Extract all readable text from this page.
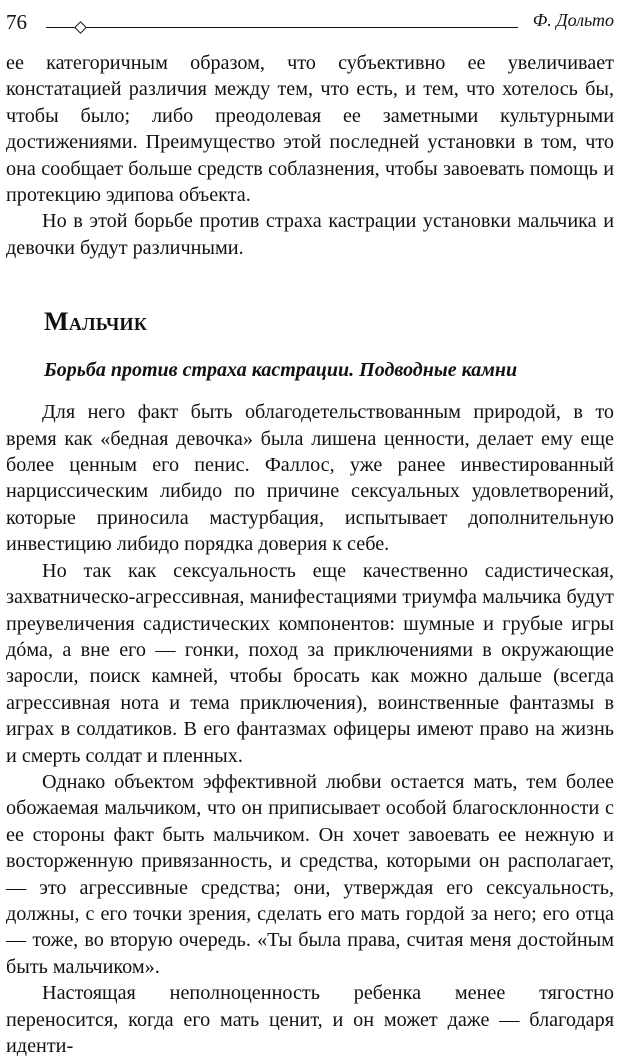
76	Ф. Дольто

ее категоричным образом, что субъективно ее увеличивает констатацией различия между тем, что есть, и тем, что хотелось бы, чтобы было; либо преодолевая ее заметными культурными достижениями. Преимущество этой последней установки в том, что она сообщает больше средств соблазнения, чтобы завоевать помощь и протекцию эдипова объекта.

Но в этой борьбе против страха кастрации установки мальчика и девочки будут различными.

Мальчик
Борьба против страха кастрации. Подводные камни

Для него факт быть облагодетельствованным природой, в то время как «бедная девочка» была лишена ценности, делает ему еще более ценным его пенис. Фаллос, уже ранее инвестированный нарциссическим либидо по причине сексуальных удовлетворений, которые приносила мастурбация, испытывает дополнительную инвестицию либидо порядка доверия к себе.

Но так как сексуальность еще качественно садистическая, захватническо-агрессивная, манифестациями триумфа мальчика будут преувеличения садистических компонентов: шумные и грубые игры дóма, а вне его — гонки, поход за приключениями в окружающие заросли, поиск камней, чтобы бросать как можно дальше (всегда агрессивная нота и тема приключения), воинственные фантазмы в играх в солдатиков. В его фантазмах офицеры имеют право на жизнь и смерть солдат и пленных.

Однако объектом эффективной любви остается мать, тем более обожаемая мальчиком, что он приписывает особой благосклонности с ее стороны факт быть мальчиком. Он хочет завоевать ее нежную и восторженную привязанность, и средства, которыми он располагает, — это агрессивные средства; они, утверждая его сексуальность, должны, с его точки зрения, сделать его мать гордой за него; его отца — тоже, во вторую очередь. «Ты была права, считая меня достойным быть мальчиком».

Настоящая неполноценность ребенка менее тягостно переносится, когда его мать ценит, и он может даже — благодаря иденти-
